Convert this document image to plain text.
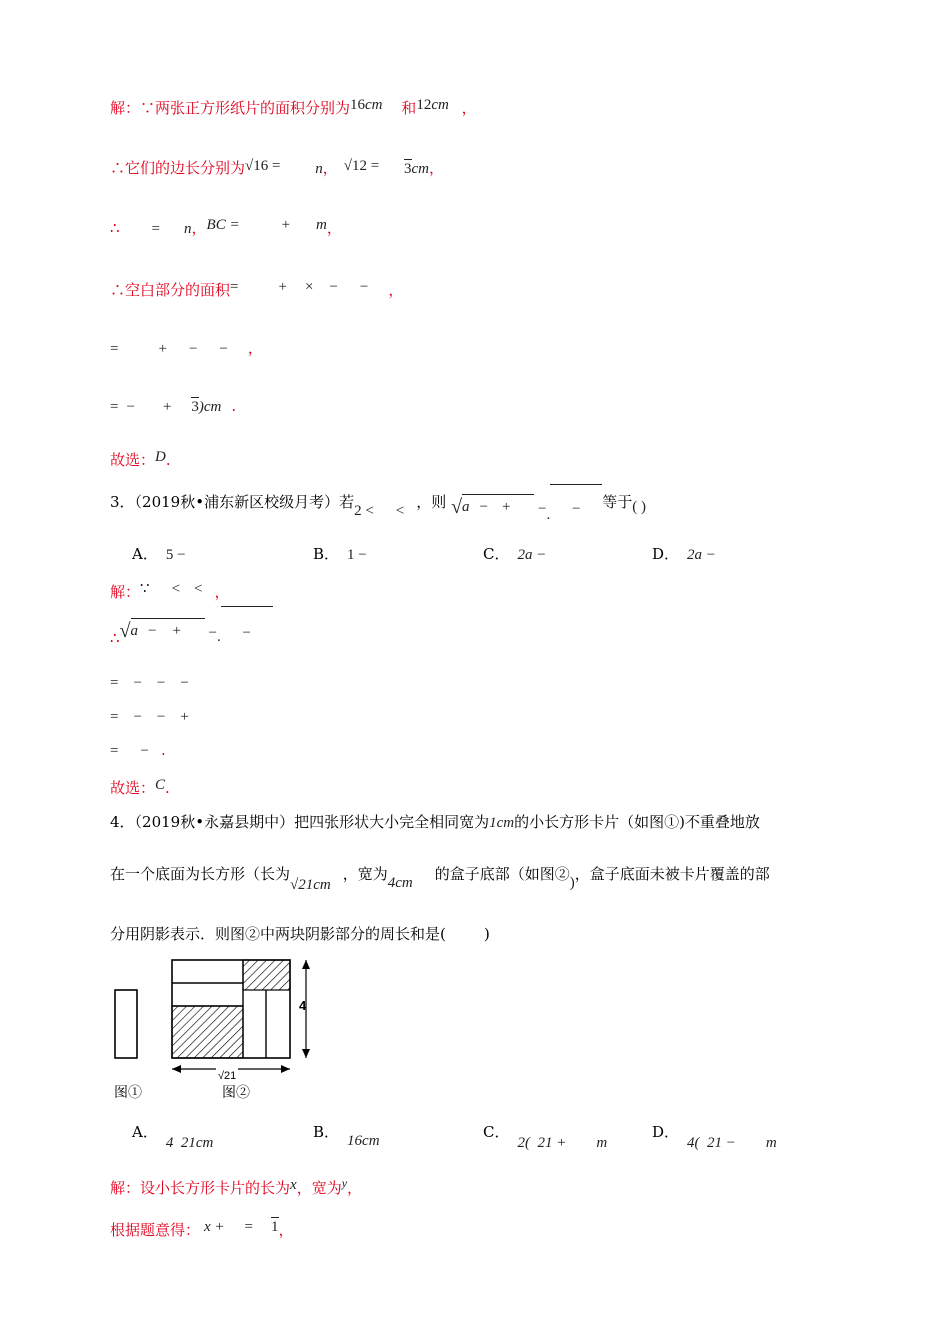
解：∵两张正方形纸片的面积分别为16cm 和12cm ，
∴它们的边长分别为√16 = n， √12 = 3cm，
∴ = n，BC =	+ m，
∴空白部分的面积=	+ × − − ，
=	+ − − ，
= − + 3)cm .
故选：D.
3．（2019秋•浦东新区校级月考）若2 < < ，则 √a − + −. − 等于( )
A． 5 −	B． 1 −	C． 2a −	D． 2a −
解：∵ < < ，
∴√a − + −. −
=    −    −    −
=    −    −    +
= − .
故选：C.
4．（2019秋•永嘉县期中）把四张形状大小完全相同宽为1cm的小长方形卡片（如图①)不重叠地放
在一个底面为长方形（长为√21cm，宽为4cm 的盒子底部（如图②)，盒子底面未被卡片覆盖的部
分用阴影表示．则图②中两块阴影部分的周长和是(        )
4
√21
图①	图②
A．4  21cm
B． 16cm	C．2(  21 +        m
D．4(  21 −        m
解：设小长方形卡片的长为x，宽为$^y$，
根据题意得： x + = 1，
